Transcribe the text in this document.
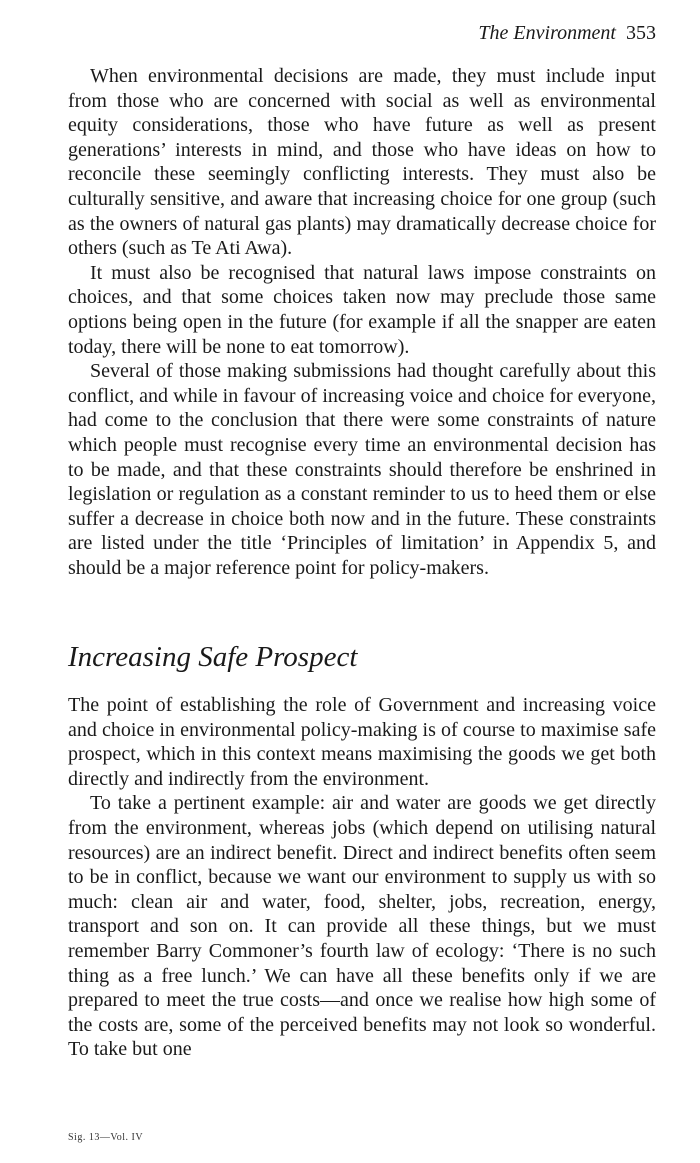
The Environment 353

When environmental decisions are made, they must include input from those who are concerned with social as well as environmental equity considerations, those who have future as well as present generations’ interests in mind, and those who have ideas on how to reconcile these seemingly conflicting interests. They must also be culturally sensitive, and aware that increasing choice for one group (such as the owners of natural gas plants) may dramatically decrease choice for others (such as Te Ati Awa).

It must also be recognised that natural laws impose constraints on choices, and that some choices taken now may preclude those same options being open in the future (for example if all the snapper are eaten today, there will be none to eat tomorrow).

Several of those making submissions had thought carefully about this conflict, and while in favour of increasing voice and choice for everyone, had come to the conclusion that there were some constraints of nature which people must recognise every time an environmental decision has to be made, and that these constraints should therefore be enshrined in legislation or regulation as a constant reminder to us to heed them or else suffer a decrease in choice both now and in the future. These constraints are listed under the title ‘Principles of limitation’ in Appendix 5, and should be a major reference point for policy-makers.

Increasing Safe Prospect

The point of establishing the role of Government and increasing voice and choice in environmental policy-making is of course to maximise safe prospect, which in this context means maximising the goods we get both directly and indirectly from the environment.

To take a pertinent example: air and water are goods we get directly from the environment, whereas jobs (which depend on utilising natural resources) are an indirect benefit. Direct and indirect benefits often seem to be in conflict, because we want our environment to supply us with so much: clean air and water, food, shelter, jobs, recreation, energy, transport and son on. It can provide all these things, but we must remember Barry Commoner’s fourth law of ecology: ‘There is no such thing as a free lunch.’ We can have all these benefits only if we are prepared to meet the true costs—and once we realise how high some of the costs are, some of the perceived benefits may not look so wonderful. To take but one

Sig. 13—Vol. IV
